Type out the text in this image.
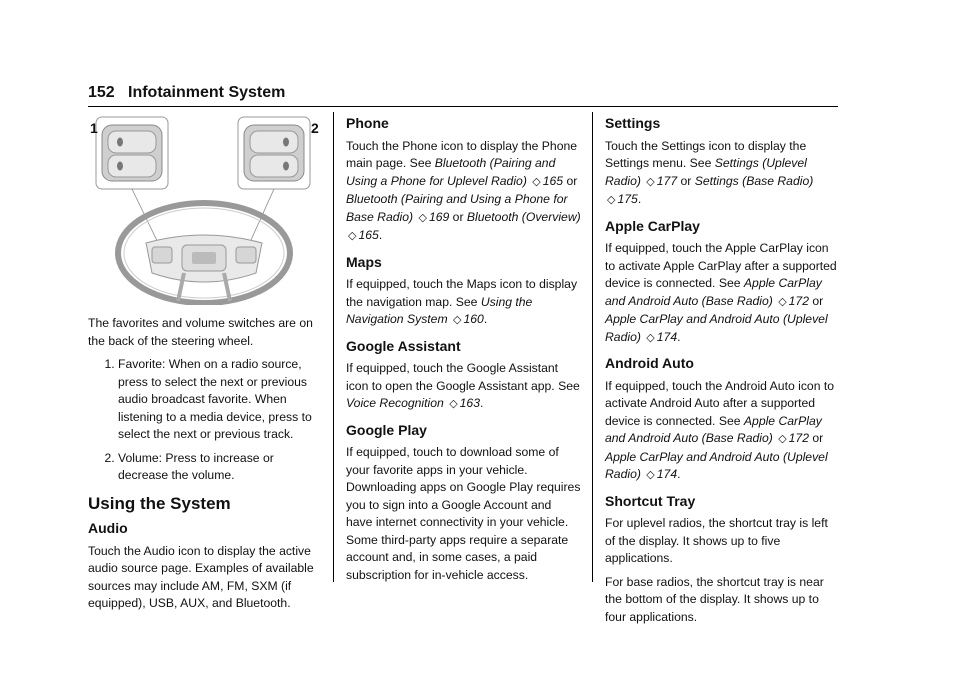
152 Infotainment System
1	2

The favorites and volume switches are on the back of the steering wheel.

1. Favorite: When on a radio source, press to select the next or previous audio broadcast favorite. When listening to a media device, press to select the next or previous track.
2. Volume: Press to increase or decrease the volume.
Using the System
Audio

Touch the Audio icon to display the active audio source page. Examples of available sources may include AM, FM, SXM (if equipped), USB, AUX, and Bluetooth.

Phone

Touch the Phone icon to display the Phone main page. See Bluetooth (Pairing and Using a Phone for Uplevel Radio) ◇ 165 or Bluetooth (Pairing and Using a Phone for Base Radio) ◇ 169 or Bluetooth (Overview) ◇ 165.

Maps

If equipped, touch the Maps icon to display the navigation map. See Using the Navigation System ◇ 160.

Google Assistant

If equipped, touch the Google Assistant icon to open the Google Assistant app. See Voice Recognition ◇ 163.

Google Play

If equipped, touch to download some of your favorite apps in your vehicle. Downloading apps on Google Play requires you to sign into a Google Account and have internet connectivity in your vehicle. Some third-party apps require a separate account and, in some cases, a paid subscription for in-vehicle access.

Settings

Touch the Settings icon to display the Settings menu. See Settings (Uplevel Radio) ◇ 177 or Settings (Base Radio) ◇ 175.

Apple CarPlay

If equipped, touch the Apple CarPlay icon to activate Apple CarPlay after a supported device is connected. See Apple CarPlay and Android Auto (Base Radio) ◇ 172 or Apple CarPlay and Android Auto (Uplevel Radio) ◇ 174.

Android Auto

If equipped, touch the Android Auto icon to activate Android Auto after a supported device is connected. See Apple CarPlay and Android Auto (Base Radio) ◇ 172 or Apple CarPlay and Android Auto (Uplevel Radio) ◇ 174.

Shortcut Tray

For uplevel radios, the shortcut tray is left of the display. It shows up to five applications.

For base radios, the shortcut tray is near the bottom of the display. It shows up to four applications.
